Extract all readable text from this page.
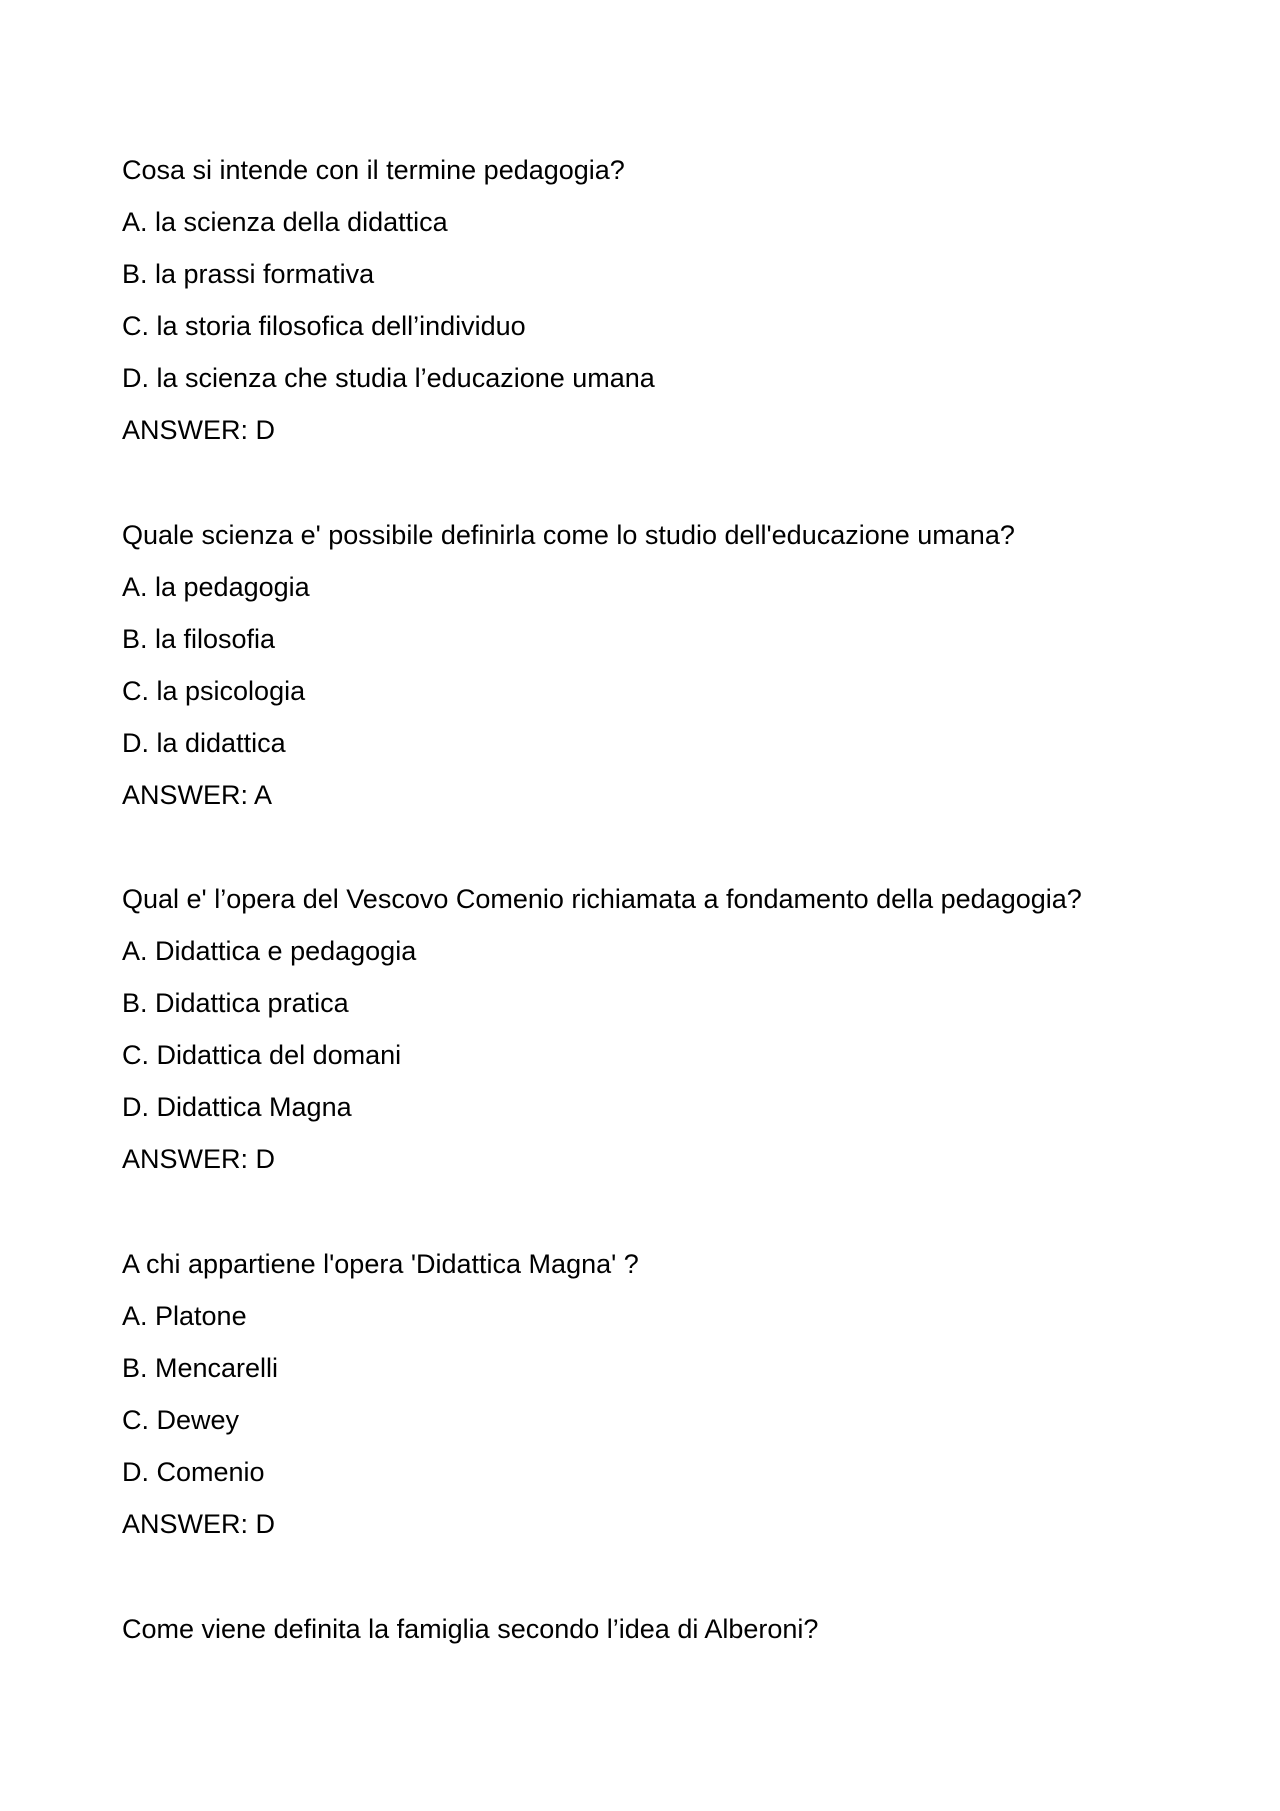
Cosa si intende con il termine pedagogia?

A. la scienza della didattica

B. la prassi formativa

C. la storia filosofica dell’individuo

D. la scienza che studia l’educazione umana

ANSWER: D

Quale scienza e' possibile definirla come lo studio dell'educazione umana?

A. la pedagogia

B. la filosofia

C. la psicologia

D. la didattica

ANSWER: A

Qual e' l’opera del Vescovo Comenio richiamata a fondamento della pedagogia?

A. Didattica e pedagogia

B. Didattica pratica

C. Didattica del domani

D. Didattica Magna

ANSWER: D

A chi appartiene l'opera 'Didattica Magna' ?

A. Platone

B. Mencarelli

C. Dewey

D. Comenio

ANSWER: D

Come viene definita la famiglia secondo l’idea di Alberoni?
